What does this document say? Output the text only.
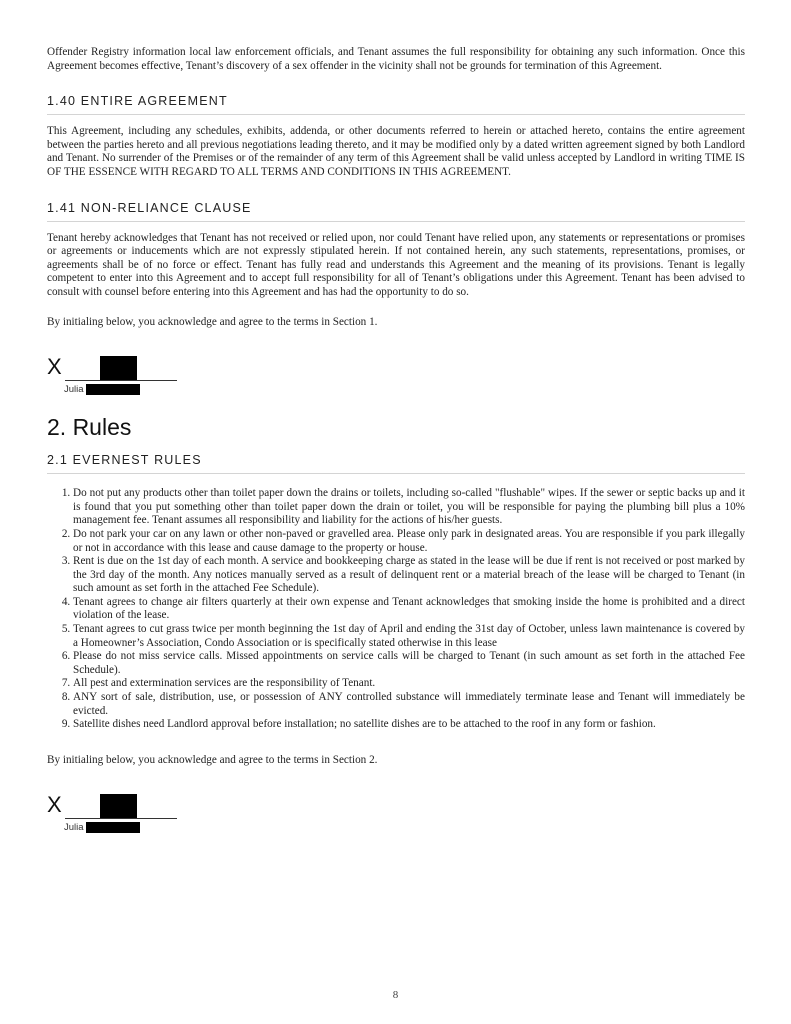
Offender Registry information local law enforcement officials, and Tenant assumes the full responsibility for obtaining any such information. Once this Agreement becomes effective, Tenant’s discovery of a sex offender in the vicinity shall not be grounds for termination of this Agreement.

1.40 ENTIRE AGREEMENT

This Agreement, including any schedules, exhibits, addenda, or other documents referred to herein or attached hereto, contains the entire agreement between the parties hereto and all previous negotiations leading thereto, and it may be modified only by a dated written agreement signed by both Landlord and Tenant. No surrender of the Premises or of the remainder of any term of this Agreement shall be valid unless accepted by Landlord in writing TIME IS OF THE ESSENCE WITH REGARD TO ALL TERMS AND CONDITIONS IN THIS AGREEMENT.

1.41 NON-RELIANCE CLAUSE

Tenant hereby acknowledges that Tenant has not received or relied upon, nor could Tenant have relied upon, any statements or representations or promises or agreements or inducements which are not expressly stipulated herein. If not contained herein, any such statements, representations, promises, or agreements shall be of no force or effect. Tenant has fully read and understands this Agreement and the meaning of its provisions. Tenant is legally competent to enter into this Agreement and to accept full responsibility for all of Tenant’s obligations under this Agreement. Tenant has been advised to consult with counsel before entering into this Agreement and has had the opportunity to do so.

By initialing below, you acknowledge and agree to the terms in Section 1.

X
Julia
2. Rules
2.1 EVERNEST RULES
1. Do not put any products other than toilet paper down the drains or toilets, including so-called "flushable" wipes. If the sewer or septic backs up and it is found that you put something other than toilet paper down the drain or toilet, you will be responsible for paying the plumbing bill plus a 10% management fee. Tenant assumes all responsibility and liability for the actions of his/her guests.
2. Do not park your car on any lawn or other non-paved or gravelled area. Please only park in designated areas. You are responsible if you park illegally or not in accordance with this lease and cause damage to the property or house.
3. Rent is due on the 1st day of each month. A service and bookkeeping charge as stated in the lease will be due if rent is not received or post marked by the 3rd day of the month. Any notices manually served as a result of delinquent rent or a material breach of the lease will be charged to Tenant (in such amount as set forth in the attached Fee Schedule).
4. Tenant agrees to change air filters quarterly at their own expense and Tenant acknowledges that smoking inside the home is prohibited and a direct violation of the lease.
5. Tenant agrees to cut grass twice per month beginning the 1st day of April and ending the 31st day of October, unless lawn maintenance is covered by a Homeowner’s Association, Condo Association or is specifically stated otherwise in this lease
6. Please do not miss service calls. Missed appointments on service calls will be charged to Tenant (in such amount as set forth in the attached Fee Schedule).
7. All pest and extermination services are the responsibility of Tenant.
8. ANY sort of sale, distribution, use, or possession of ANY controlled substance will immediately terminate lease and Tenant will immediately be evicted.
9. Satellite dishes need Landlord approval before installation; no satellite dishes are to be attached to the roof in any form or fashion.

By initialing below, you acknowledge and agree to the terms in Section 2.

X
Julia
8
